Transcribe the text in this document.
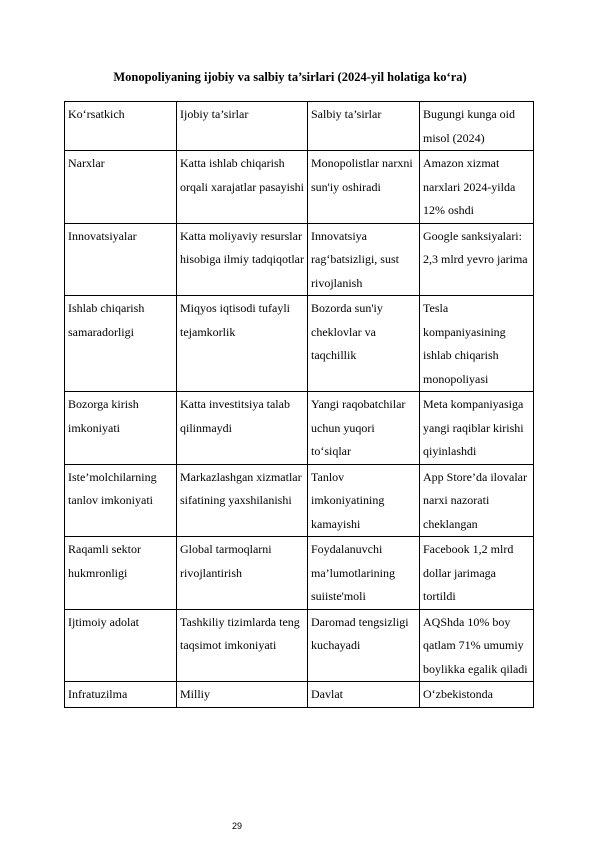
Monopoliyaning ijobiy va salbiy ta’sirlari (2024-yil holatiga ko‘ra)
Ko‘rsatkich	Ijobiy ta’sirlar	Salbiy ta’sirlar	Bugungi kunga oid misol (2024)
Narxlar	Katta ishlab chiqarish orqali xarajatlar pasayishi	Monopolistlar narxni sun'iy oshiradi	Amazon xizmat narxlari 2024-yilda 12% oshdi
Innovatsiyalar	Katta moliyaviy resurslar hisobiga ilmiy tadqiqotlar	Innovatsiya rag‘batsizligi, sust rivojlanish	Google sanksiyalari: 2,3 mlrd yevro jarima
Ishlab chiqarish samaradorligi	Miqyos iqtisodi tufayli tejamkorlik	Bozorda sun'iy cheklovlar va taqchillik	Tesla kompaniyasining ishlab chiqarish monopoliyasi
Bozorga kirish imkoniyati	Katta investitsiya talab qilinmaydi	Yangi raqobatchilar uchun yuqori to‘siqlar	Meta kompaniyasiga yangi raqiblar kirishi qiyinlashdi
Iste’molchilarning tanlov imkoniyati	Markazlashgan xizmatlar sifatining yaxshilanishi	Tanlov imkoniyatining kamayishi	App Store’da ilovalar narxi nazorati cheklangan
Raqamli sektor hukmronligi	Global tarmoqlarni rivojlantirish	Foydalanuvchi ma’lumotlarining suiiste'moli	Facebook 1,2 mlrd dollar jarimaga tortildi
Ijtimoiy adolat	Tashkiliy tizimlarda teng taqsimot imkoniyati	Daromad tengsizligi kuchayadi	AQShda 10% boy qatlam 71% umumiy boylikka egalik qiladi
Infratuzilma	Milliy	Davlat	O‘zbekistonda
29
